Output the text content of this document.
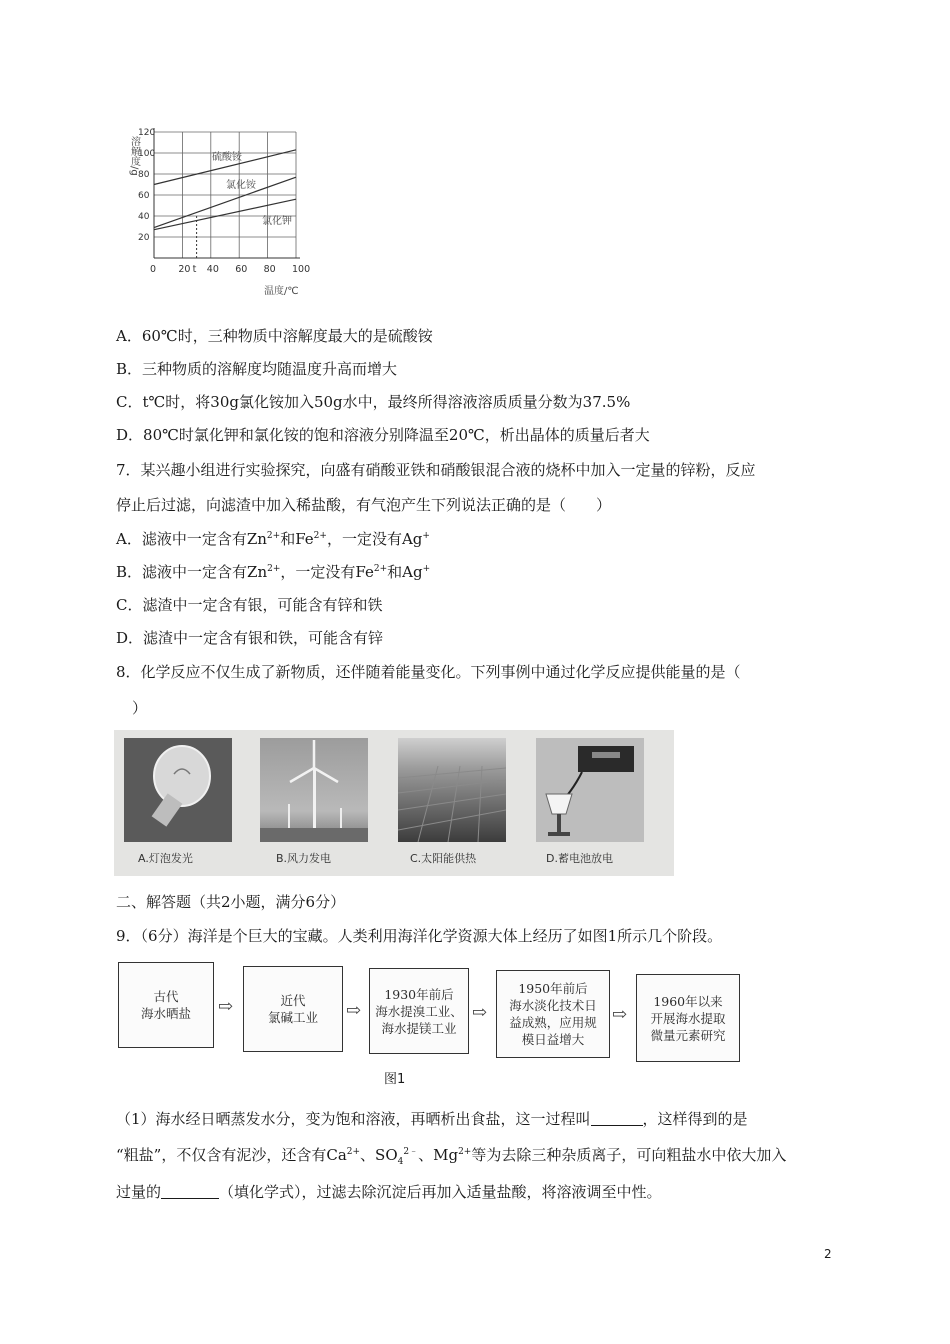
0 20 t 40 60 80 100
120
100
80
60
40
20
溶解度/g
温度/℃
硫酸铵
氯化铵
氯化钾
A．60℃时，三种物质中溶解度最大的是硫酸铵
B．三种物质的溶解度均随温度升高而增大
C．t℃时，将30g氯化铵加入50g水中，最终所得溶液溶质质量分数为37.5%
D．80℃时氯化钾和氯化铵的饱和溶液分别降温至20℃，析出晶体的质量后者大
7．某兴趣小组进行实验探究，向盛有硝酸亚铁和硝酸银混合液的烧杯中加入一定量的锌粉，反应
停止后过滤，向滤渣中加入稀盐酸，有气泡产生下列说法正确的是（　　）
A．滤液中一定含有$Zn^{2+}$和$Fe^{2+}$，一定没有Ag+
B．滤液中一定含有$Zn^{2+}$，一定没有$Fe^{2+}$和Ag+
C．滤渣中一定含有银，可能含有锌和铁
D．滤渣中一定含有银和铁，可能含有锌
8．化学反应不仅生成了新物质，还伴随着能量变化。下列事例中通过化学反应提供能量的是（
）
A.灯泡发光	B.风力发电	C.太阳能供热	D.蓄电池放电
二、解答题（共2小题，满分6分）
9．（6分）海洋是个巨大的宝藏。人类利用海洋化学资源大体上经历了如图1所示几个阶段。
古代
海水晒盐 ⇨	近代
氯碱工业 ⇨
1930年前后
海水提溴工业、
海水提镁工业
⇨
1950年前后
海水淡化技术日
益成熟，应用规
模日益增大
⇨
1960年以来
开展海水提取
微量元素研究
图1
（1）海水经日晒蒸发水分，变为饱和溶液，再晒析出食盐，这一过程叫	，这样得到的是
“粗盐”，不仅含有泥沙，还含有$Ca^{2+}$、$SO_4^{2﹣}$、$Mg^{2+}$等为去除三种杂质离子，可向粗盐水中依大加入
过量的	（填化学式），过滤去除沉淀后再加入适量盐酸，将溶液调至中性。
2
